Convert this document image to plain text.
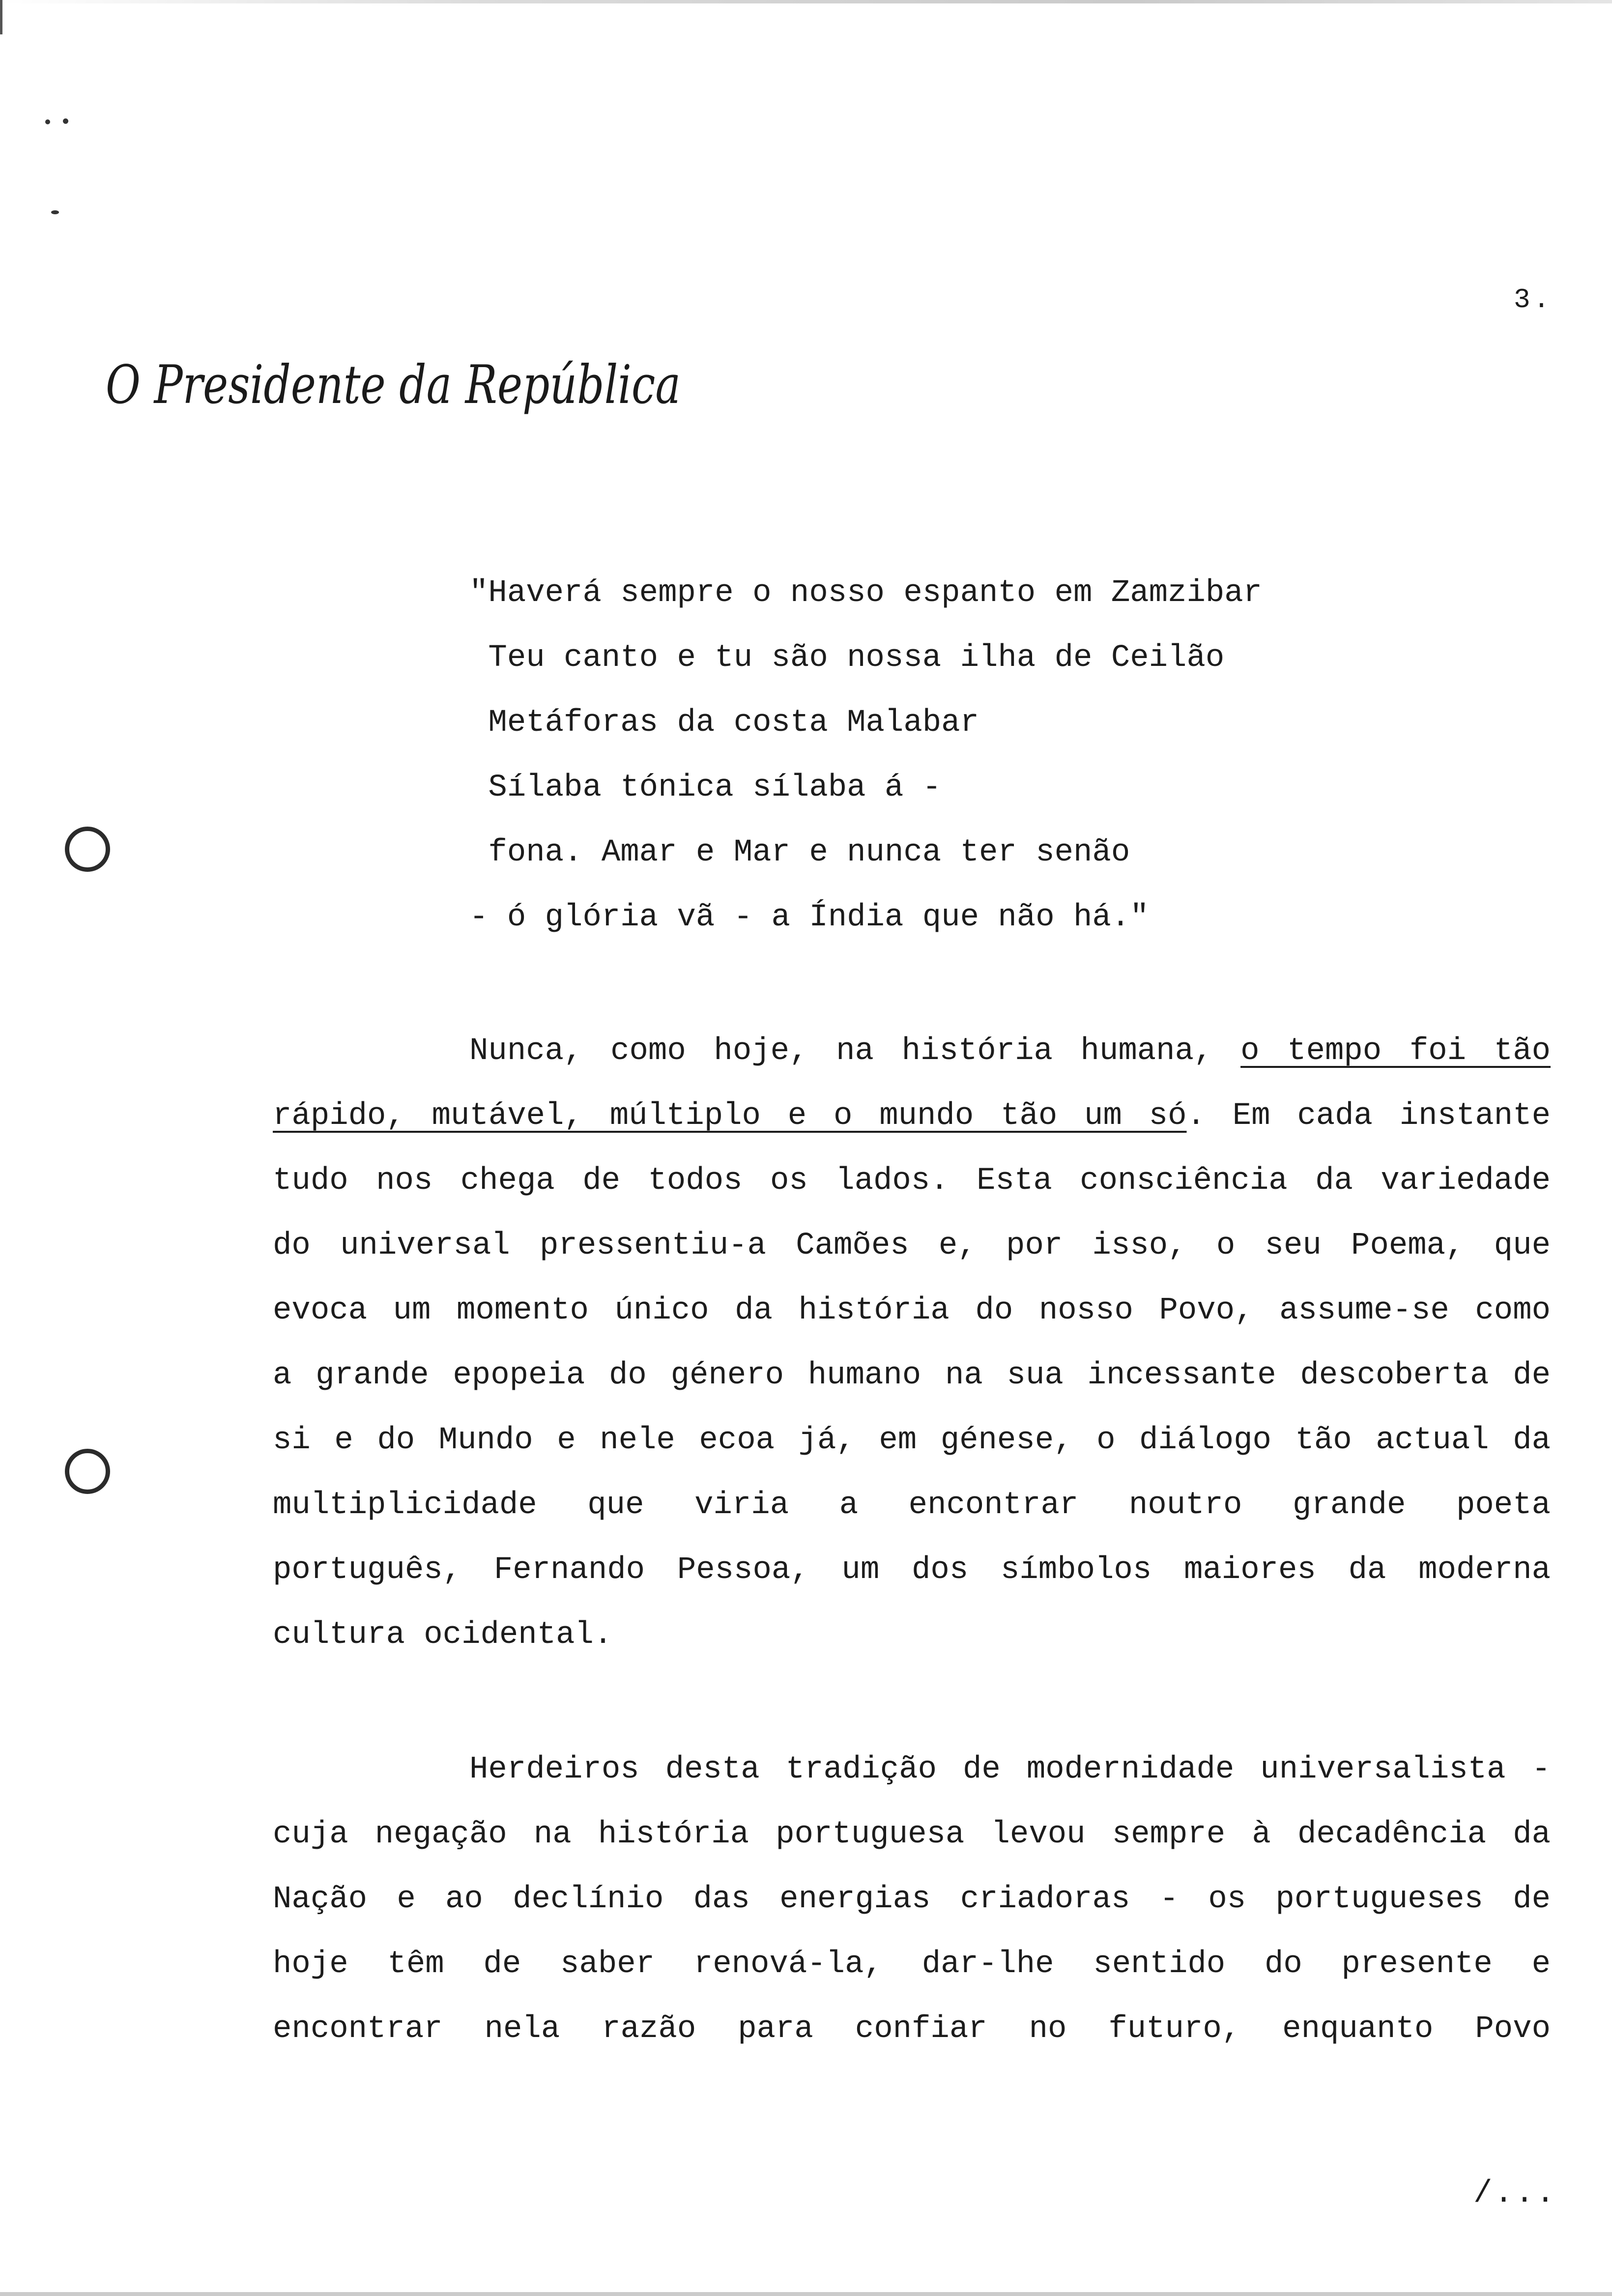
3.
O Presidente da República
"Haverá sempre o nosso espanto em Zamzibar
Teu canto e tu são nossa ilha de Ceilão
Metáforas da costa Malabar
Sílaba tónica sílaba á -
fona. Amar e Mar e nunca ter senão
- ó glória vã - a Índia que não há."
Nunca, como hoje, na história humana, o tempo foi tão
rápido, mutável, múltiplo e o mundo tão um só. Em cada instante
tudo nos chega de todos os lados. Esta consciência da variedade
do universal pressentiu-a Camões e, por isso, o seu Poema, que
evoca um momento único da história do nosso Povo, assume-se como
a grande epopeia do género humano na sua incessante descoberta de
si e do Mundo e nele ecoa já, em génese, o diálogo tão actual da
multiplicidade que viria a encontrar noutro grande poeta
português, Fernando Pessoa, um dos símbolos maiores da moderna
cultura ocidental.
Herdeiros desta tradição de modernidade universalista -
cuja negação na história portuguesa levou sempre à decadência da
Nação e ao declínio das energias criadoras - os portugueses de
hoje têm de saber renová-la, dar-lhe sentido do presente e
encontrar nela razão para confiar no futuro, enquanto Povo
/...
